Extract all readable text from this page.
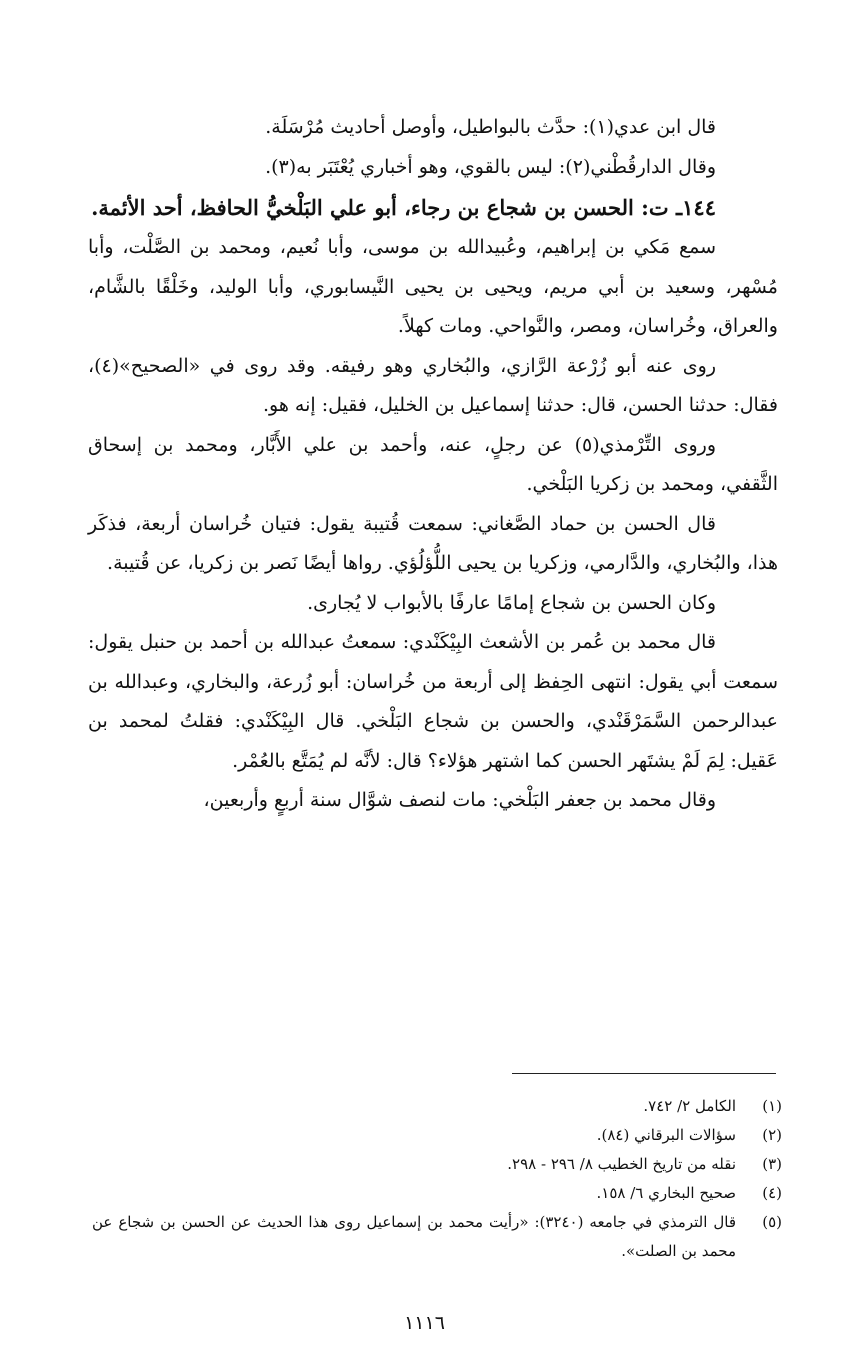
قال ابن عدي(١): حدَّث بالبواطيل، وأوصل أحاديث مُرْسَلَة.

وقال الدارقُطْني(٢): ليس بالقوي، وهو أخباري يُعْتَبَر به(٣).

١٤٤ـ ت: الحسن بن شجاع بن رجاء، أبو علي البَلْخيُّ الحافظ، أحد الأئمة.

سمع مَكي بن إبراهيم، وعُبيدالله بن موسى، وأبا نُعيم، ومحمد بن الصَّلْت، وأبا مُسْهر، وسعيد بن أبي مريم، ويحيى بن يحيى النَّيسابوري، وأبا الوليد، وخَلْقًا بالشَّام، والعراق، وخُراسان، ومصر، والنَّواحي. ومات كهلاً.

روى عنه أبو زُرْعة الرَّازي، والبُخاري وهو رفيقه. وقد روى في «الصحيح»(٤)، فقال: حدثنا الحسن، قال: حدثنا إسماعيل بن الخليل، فقيل: إنه هو.

وروى التِّرْمذي(٥) عن رجلٍ، عنه، وأحمد بن علي الأَبَّار، ومحمد بن إسحاق الثَّقفي، ومحمد بن زكريا البَلْخي.

قال الحسن بن حماد الصَّغاني: سمعت قُتيبة يقول: فتيان خُراسان أربعة، فذكَر هذا، والبُخاري، والدَّارمي، وزكريا بن يحيى اللُّؤلُؤي. رواها أيضًا نَصر بن زكريا، عن قُتيبة.

وكان الحسن بن شجاع إمامًا عارفًا بالأبواب لا يُجارى.

قال محمد بن عُمر بن الأشعث البِيْكَنْدي: سمعتُ عبدالله بن أحمد بن حنبل يقول: سمعت أبي يقول: انتهى الحِفظ إلى أربعة من خُراسان: أبو زُرعة، والبخاري، وعبدالله بن عبدالرحمن السَّمَرْقَنْدي، والحسن بن شجاع البَلْخي. قال البِيْكَنْدي: فقلتُ لمحمد بن عَقيل: لِمَ لَمْ يشتَهر الحسن كما اشتهر هؤلاء؟ قال: لأنَّه لم يُمَتَّع بالعُمْر.

وقال محمد بن جعفر البَلْخي: مات لنصف شوَّال سنة أربعٍ وأربعين،

(١)
الكامل ٢/ ٧٤٢.
(٢)
سؤالات البرقاني (٨٤).
(٣)
نقله من تاريخ الخطيب ٨/ ٢٩٦ - ٢٩٨.
(٤)
صحيح البخاري ٦/ ١٥٨.
(٥)
قال الترمذي في جامعه (٣٢٤٠): «رأيت محمد بن إسماعيل روى هذا الحديث عن الحسن بن شجاع عن محمد بن الصلت».
١١١٦
